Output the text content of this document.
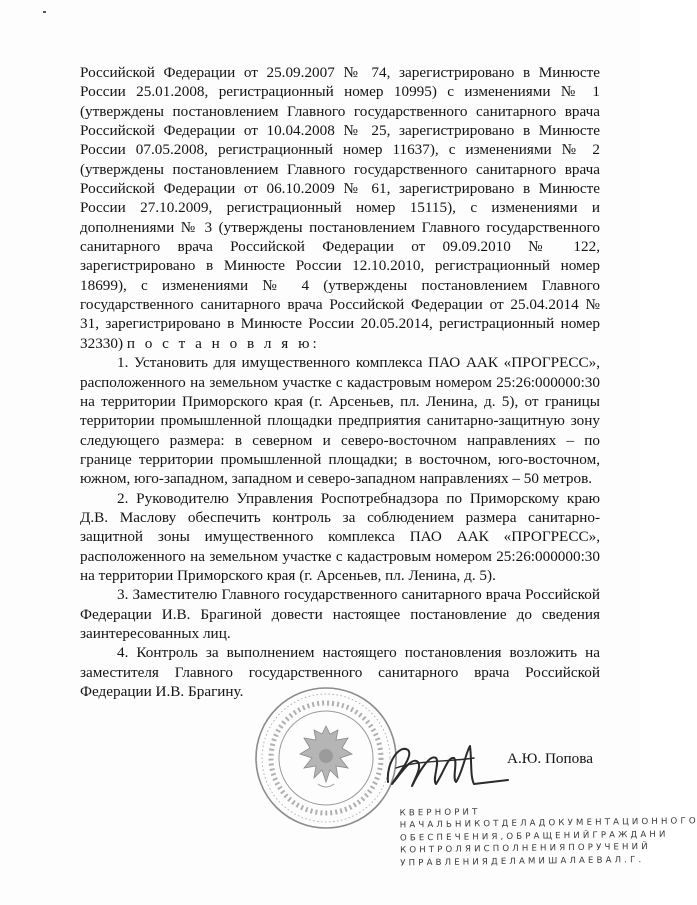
Российской Федерации от 25.09.2007 № 74, зарегистрировано в Минюсте России 25.01.2008, регистрационный номер 10995) с изменениями № 1 (утверждены постановлением Главного государственного санитарного врача Российской Федерации от 10.04.2008 № 25, зарегистрировано в Минюсте России 07.05.2008, регистрационный номер 11637), с изменениями № 2 (утверждены постановлением Главного государственного санитарного врача Российской Федерации от 06.10.2009 № 61, зарегистрировано в Минюсте России 27.10.2009, регистрационный номер 15115), с изменениями и дополнениями № 3 (утверждены постановлением Главного государственного санитарного врача Российской Федерации от 09.09.2010 № 122, зарегистрировано в Минюсте России 12.10.2010, регистрационный номер 18699), с изменениями № 4 (утверждены постановлением Главного государственного санитарного врача Российской Федерации от 25.04.2014 № 31, зарегистрировано в Минюсте России 20.05.2014, регистрационный номер 32330) п о с т а н о в л я ю:

1. Установить для имущественного комплекса ПАО ААК «ПРОГРЕСС», расположенного на земельном участке с кадастровым номером 25:26:000000:30 на территории Приморского края (г. Арсеньев, пл. Ленина, д. 5), от границы территории промышленной площадки предприятия санитарно-защитную зону следующего размера: в северном и северо-восточном направлениях – по границе территории промышленной площадки; в восточном, юго-восточном, южном, юго-западном, западном и северо-западном направлениях – 50 метров.

2. Руководителю Управления Роспотребнадзора по Приморскому краю Д.В. Маслову обеспечить контроль за соблюдением размера санитарно-защитной зоны имущественного комплекса ПАО ААК «ПРОГРЕСС», расположенного на земельном участке с кадастровым номером 25:26:000000:30 на территории Приморского края (г. Арсеньев, пл. Ленина, д. 5).

3. Заместителю Главного государственного санитарного врача Российской Федерации И.В. Брагиной довести настоящее постановление до сведения заинтересованных лиц.

4. Контроль за выполнением настоящего постановления возложить на заместителя Главного государственного санитарного врача Российской Федерации И.В. Брагину.

А.Ю. Попова
К В Е Р Н О Р И Т
Н А Ч А Л Ь Н И К О Т Д Е Л А Д О К У М Е Н Т А Ц И О Н Н О Г О
О Б Е С П Е Ч Е Н И Я , О Б Р А Щ Е Н И Й Г Р А Ж Д А Н И
К О Н Т Р О Л Я И С П О Л Н Е Н И Я П О Р У Ч Е Н И Й
У П Р А В Л Е Н И Я Д Е Л А М И Ш А Л А Е В А Л . Г .
